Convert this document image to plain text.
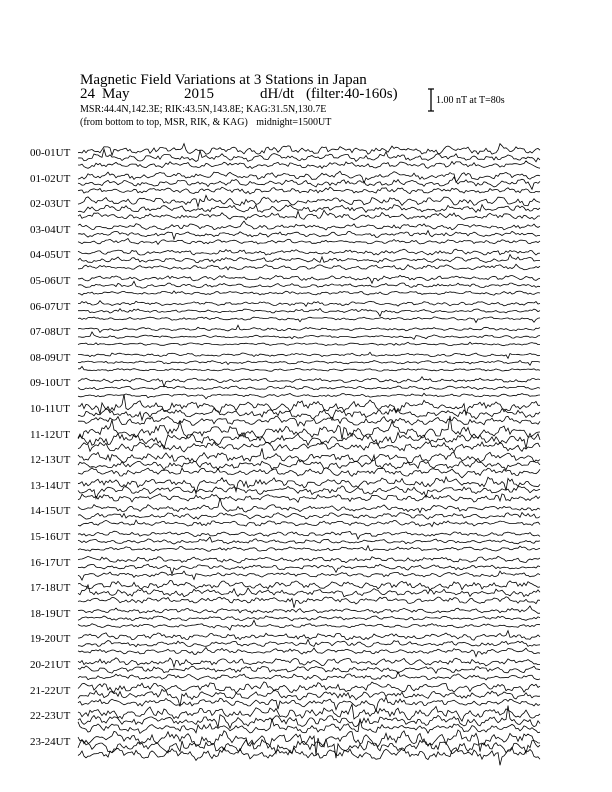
Magnetic Field Variations at 3 Stations in Japan
24 May	2015	dH/dt (filter:40-160s)
MSR:44.4N,142.3E; RIK:43.5N,143.8E; KAG:31.5N,130.7E
(from bottom to top, MSR, RIK, & KAG) midnight=1500UT
1.00 nT at T=80s
00-01UT
01-02UT
02-03UT
03-04UT
04-05UT
05-06UT
06-07UT
07-08UT
08-09UT
09-10UT
10-11UT
11-12UT
12-13UT
13-14UT
14-15UT
15-16UT
16-17UT
17-18UT
18-19UT
19-20UT
20-21UT
21-22UT
22-23UT
23-24UT
